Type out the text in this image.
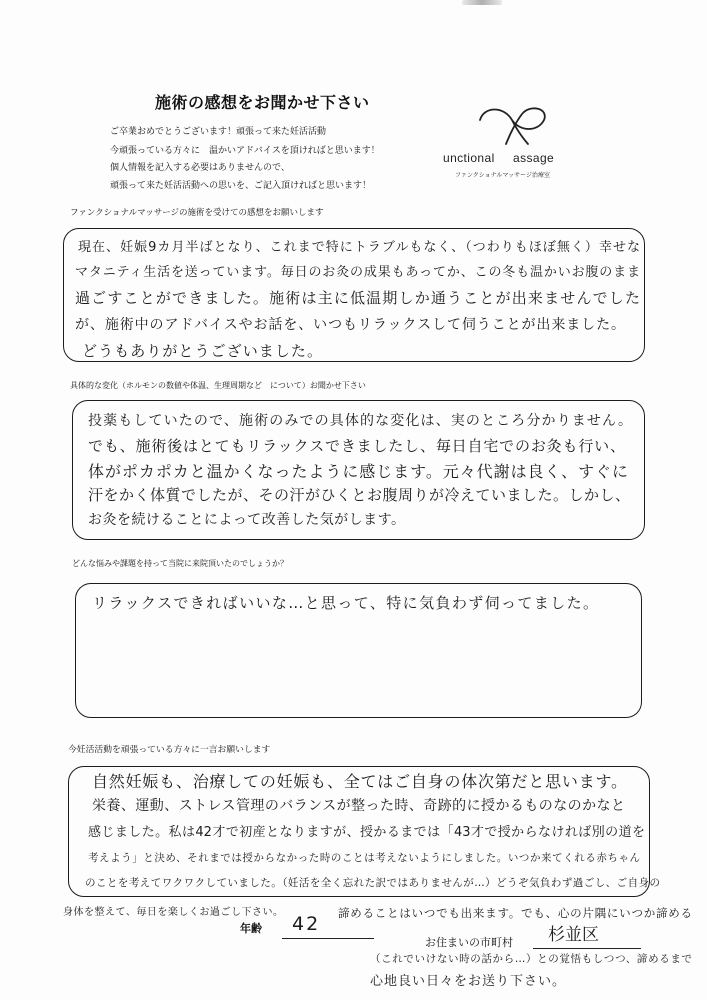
施術の感想をお聞かせ下さい
ご卒業おめでとうございます！頑張って来た妊活活動
今頑張っている方々に　温かいアドバイスを頂ければと思います！
個人情報を記入する必要はありませんので、
頑張って来た妊活活動への思いを、ご記入頂ければと思います！
unctional assage
ファンクショナルマッサージ治療室
ファンクショナルマッサージの施術を受けての感想をお願いします
現在、妊娠9カ月半ばとなり、これまで特にトラブルもなく、（つわりもほぼ無く）幸せな
マタニティ生活を送っています。毎日のお灸の成果もあってか、この冬も温かいお腹のまま
過ごすことができました。施術は主に低温期しか通うことが出来ませんでした
が、施術中のアドバイスやお話を、いつもリラックスして伺うことが出来ました。
どうもありがとうございました。
具体的な変化（ホルモンの数値や体温、生理周期など　について）お聞かせ下さい
投薬もしていたので、施術のみでの具体的な変化は、実のところ分かりません。
でも、施術後はとてもリラックスできましたし、毎日自宅でのお灸も行い、
体がポカポカと温かくなったように感じます。元々代謝は良く、すぐに
汗をかく体質でしたが、その汗がひくとお腹周りが冷えていました。しかし、
お灸を続けることによって改善した気がします。
どんな悩みや課題を持って当院に来院頂いたのでしょうか？
リラックスできればいいな…と思って、特に気負わず伺ってました。
今妊活活動を頑張っている方々に一言お願いします
自然妊娠も、治療しての妊娠も、全てはご自身の体次第だと思います。
栄養、運動、ストレス管理のバランスが整った時、奇跡的に授かるものなのかなと
感じました。私は42才で初産となりますが、授かるまでは「43才で授からなければ別の道を
考えよう」と決め、それまでは授からなかった時のことは考えないようにしました。いつか来てくれる赤ちゃん
のことを考えてワクワクしていました。（妊活を全く忘れた訳ではありませんが…）どうぞ気負わず過ごし、ご自身の
身体を整えて、毎日を楽しくお過ごし下さい。	諦めることはいつでも出来ます。でも、心の片隅にいつか諦める
（これでいけない時の話から…）との覚悟もしつつ、諦めるまで
心地良い日々をお送り下さい。
年齢 42
お住まいの市町村 杉並区
